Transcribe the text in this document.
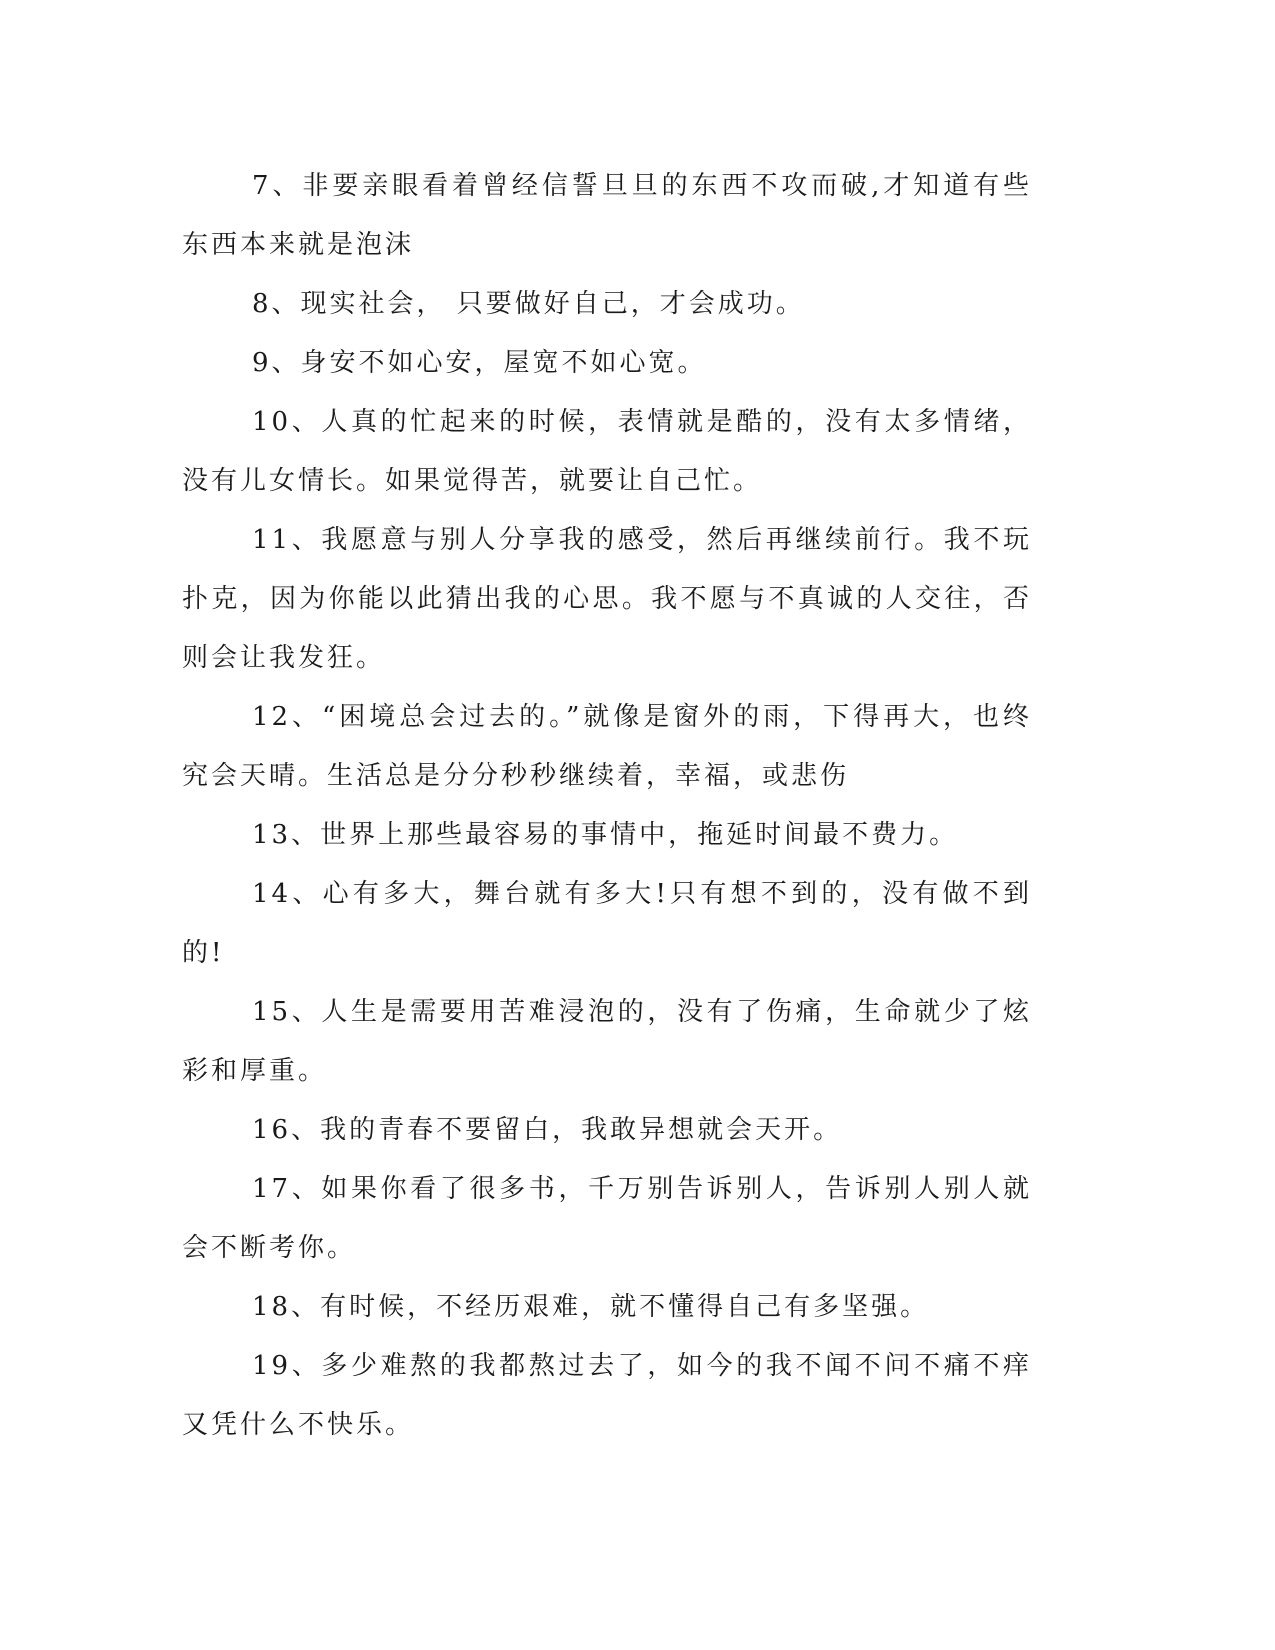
7、非要亲眼看着曾经信誓旦旦的东西不攻而破,才知道有些东西本来就是泡沫

8、现实社会， 只要做好自己，才会成功。

9、身安不如心安，屋宽不如心宽。

10、人真的忙起来的时候，表情就是酷的，没有太多情绪，没有儿女情长。如果觉得苦，就要让自己忙。

11、我愿意与别人分享我的感受，然后再继续前行。我不玩扑克，因为你能以此猜出我的心思。我不愿与不真诚的人交往，否则会让我发狂。

12、“困境总会过去的。”就像是窗外的雨，下得再大，也终究会天晴。生活总是分分秒秒继续着，幸福，或悲伤

13、世界上那些最容易的事情中，拖延时间最不费力。

14、心有多大，舞台就有多大!只有想不到的，没有做不到的!

15、人生是需要用苦难浸泡的，没有了伤痛，生命就少了炫彩和厚重。

16、我的青春不要留白，我敢异想就会天开。

17、如果你看了很多书，千万别告诉别人，告诉别人别人就会不断考你。

18、有时候，不经历艰难，就不懂得自己有多坚强。

19、多少难熬的我都熬过去了，如今的我不闻不问不痛不痒又凭什么不快乐。
